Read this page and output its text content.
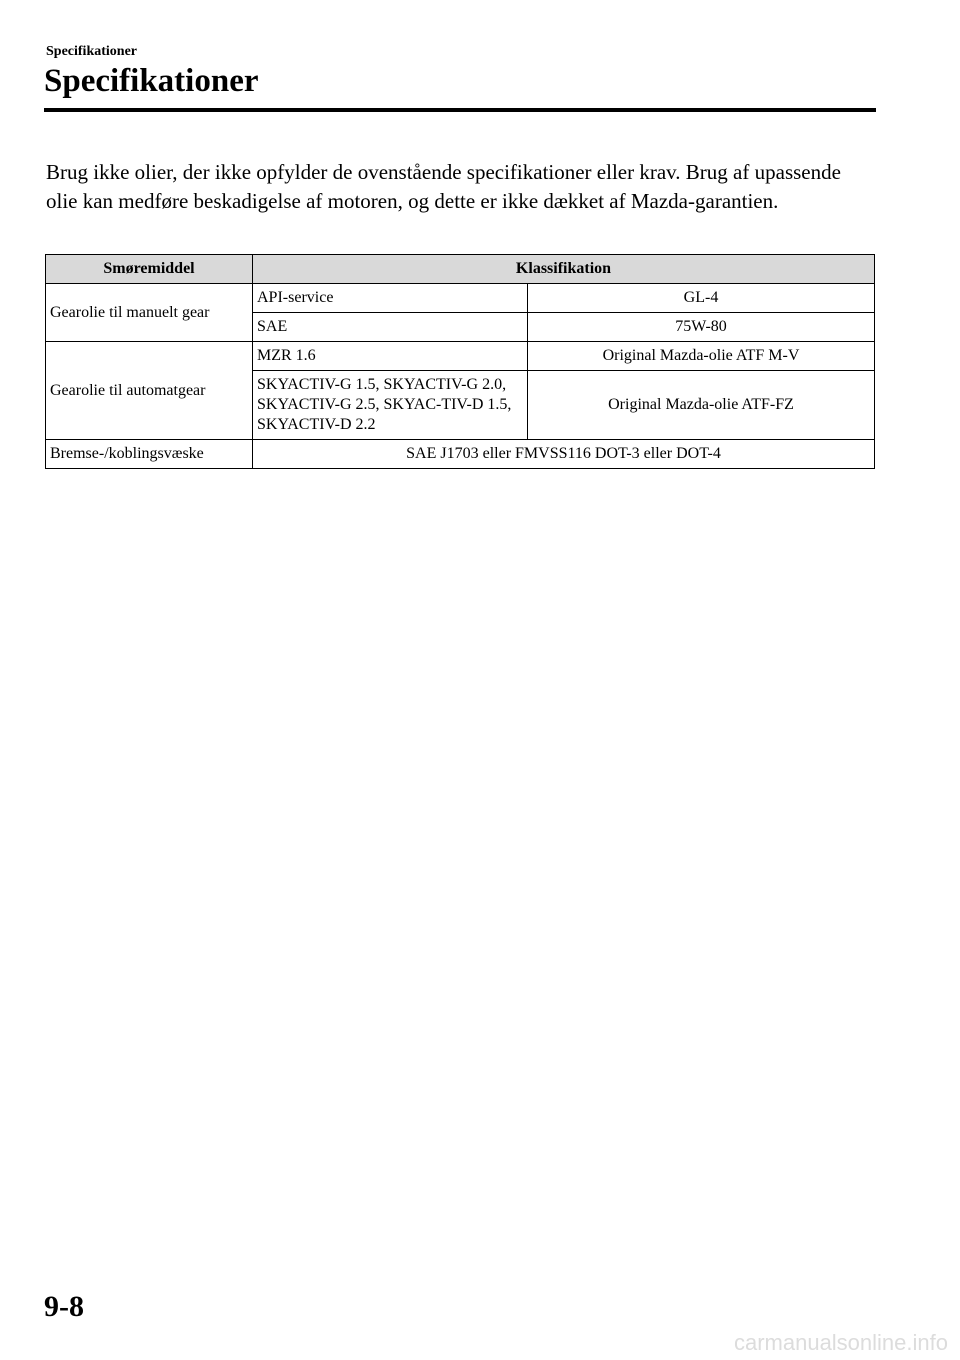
Specifikationer
Specifikationer

Brug ikke olier, der ikke opfylder de ovenstående specifikationer eller krav. Brug af upassende olie kan medføre beskadigelse af motoren, og dette er ikke dækket af Mazda-garantien.

Smøremiddel	Klassifikation	
Gearolie til manuelt gear	API-service	GL-4
	SAE	75W-80
Gearolie til automatgear	MZR 1.6	Original Mazda-olie ATF M-V
	SKYACTIV-G 1.5, SKYACTIV-G 2.0, SKYACTIV-G 2.5, SKYAC-TIV-D 1.5, SKYACTIV-D 2.2	Original Mazda-olie ATF-FZ
Bremse-/koblingsvæske	SAE J1703 eller FMVSS116 DOT-3 eller DOT-4	
9-8
carmanualsonline.info
